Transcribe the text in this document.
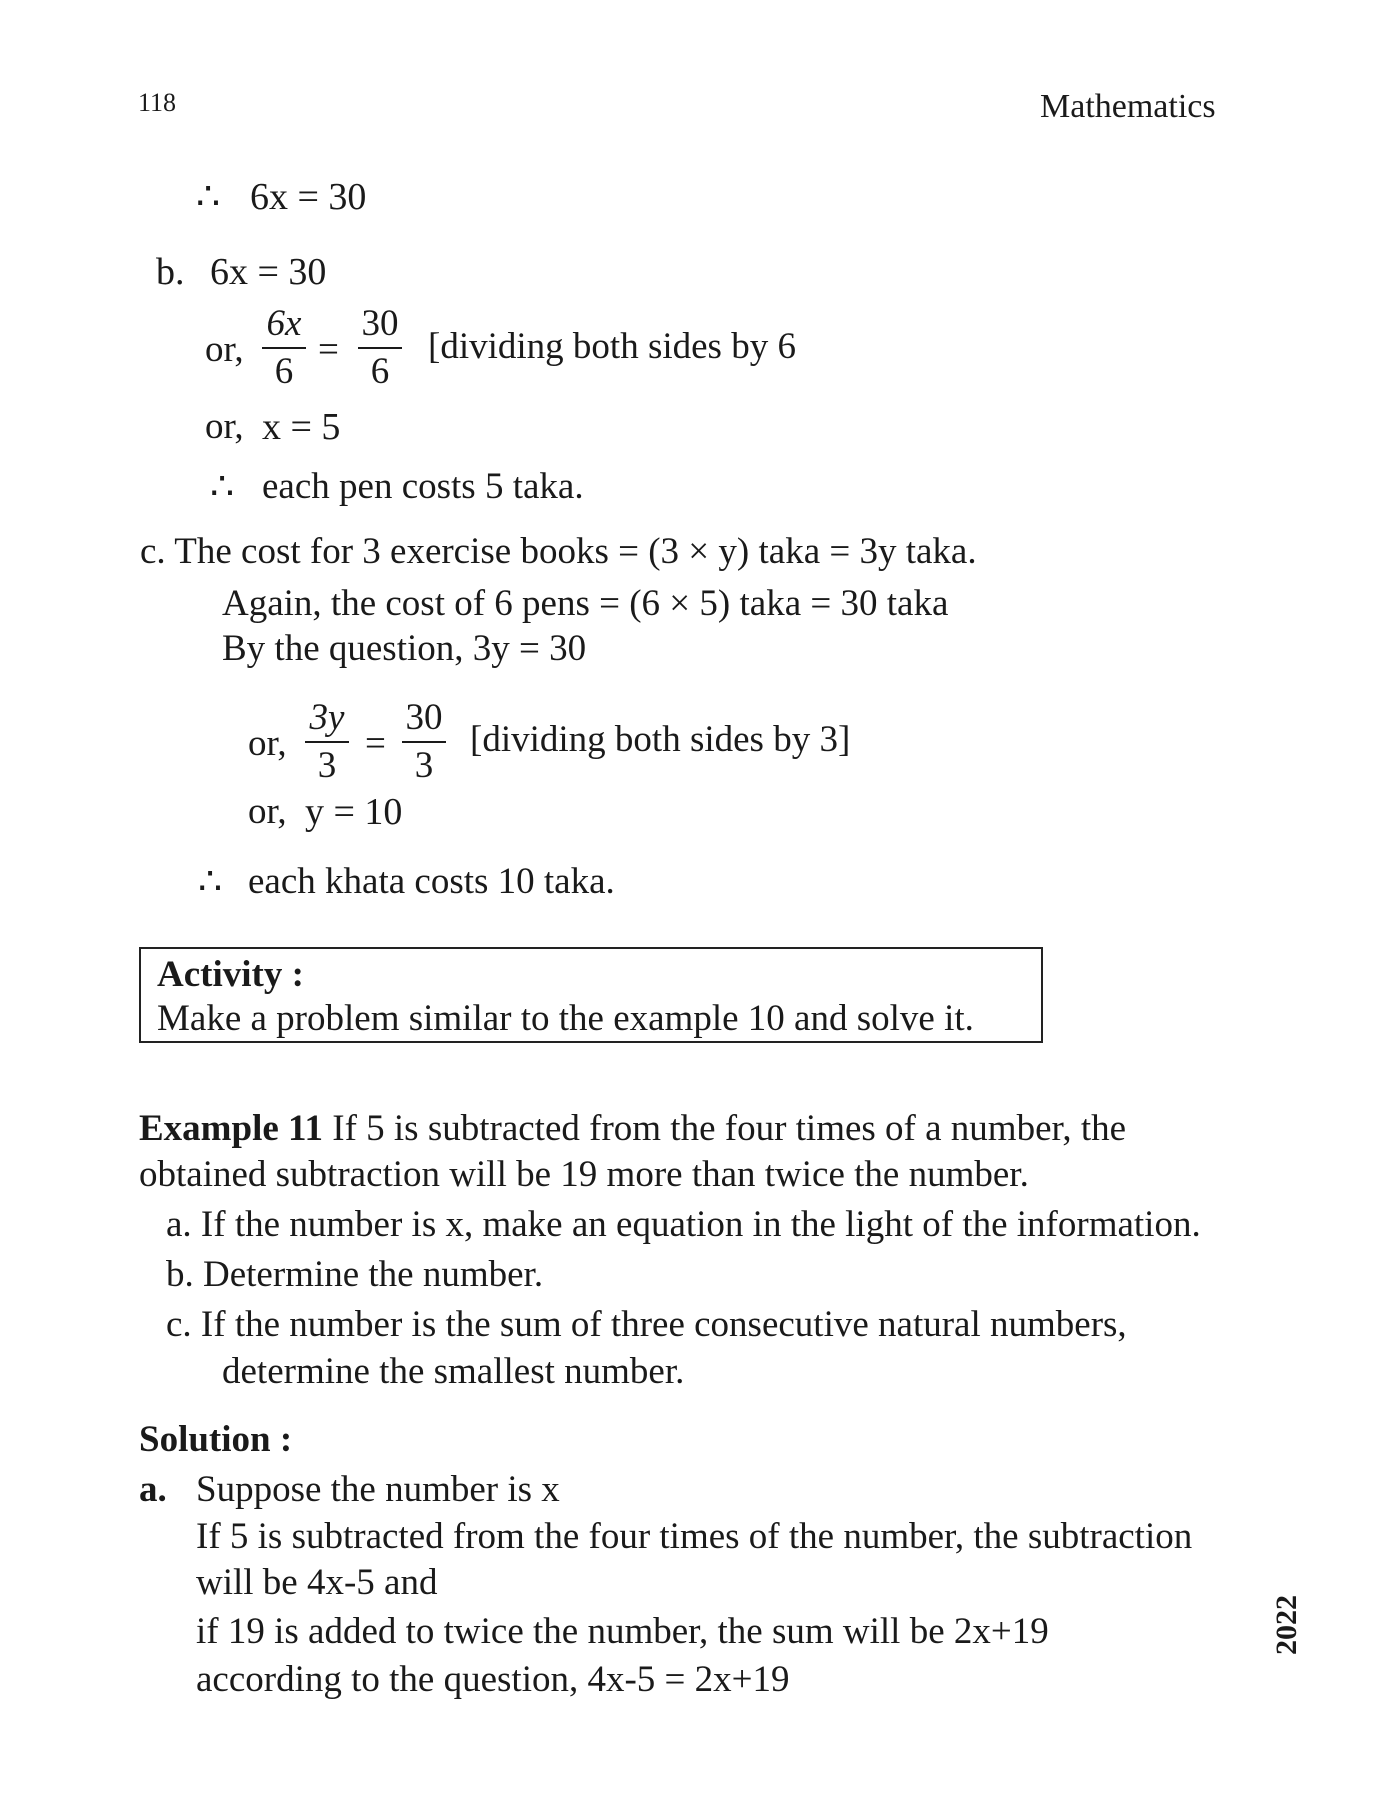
118	Mathematics
∴ 6x = 30
b. 6x = 30
or,
6x
6
=
30
6
[dividing both sides by 6
or, x = 5
∴ each pen costs 5 taka.
c. The cost for 3 exercise books = (3 × y) taka = 3y taka.
Again, the cost of 6 pens = (6 × 5) taka = 30 taka
By the question, 3y = 30
or,
3y
3
=
30
3
[dividing both sides by 3]
or, y = 10
∴ each khata costs 10 taka.
Activity :
Make a problem similar to the example 10 and solve it.
Example 11 If 5 is subtracted from the four times of a number, the
obtained subtraction will be 19 more than twice the number.
a. If the number is x, make an equation in the light of the information.
b. Determine the number.
c. If the number is the sum of three consecutive natural numbers,
determine the smallest number.
Solution :
a. Suppose the number is x
If 5 is subtracted from the four times of the number, the subtraction
will be 4x-5 and
if 19 is added to twice the number, the sum will be 2x+19
according to the question, 4x-5 = 2x+19
2022
